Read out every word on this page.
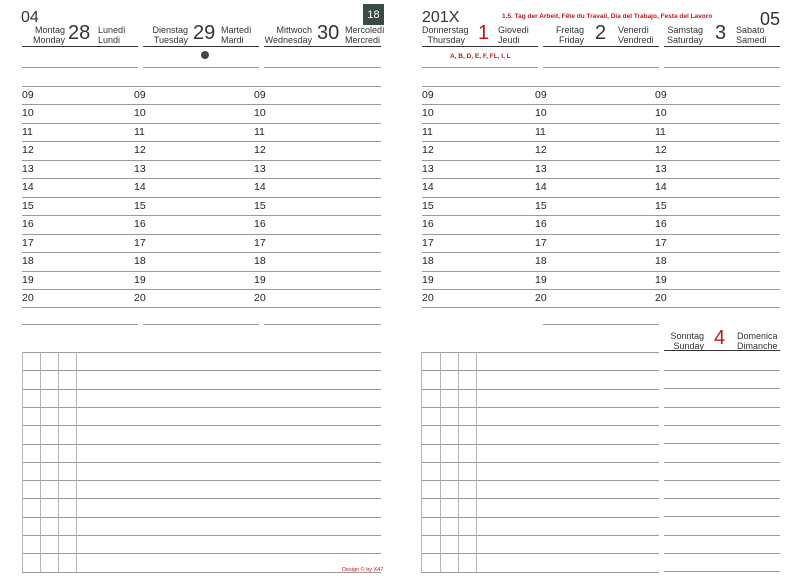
04	18
Montag
Monday 28 Lunedì
Lundi
Dienstag
Tuesday 29 Martedì
Mardi
Mittwoch
Wednesday 30 Mercoledì
Mercredi
09	09	09
10	10	10
11	11	11
12	12	12
13	13	13
14	14	14
15	15	15
16	16	16
17	17	17
18	18	18
19	19	19
20	20	20
Design © by X47
201X	05
1.5. Tag der Arbeit, Fête du Travail, Dia del Trabajo, Festa del Lavoro
Donnerstag
Thursday 1 Giovedì
Jeudi
Freitag
Friday 2 Venerdì
Vendredi
Samstag
Saturday 3 Sabato
Samedi
A, B, D, E, F, FL, I, L
09	09	09
10	10	10
11	11	11
12	12	12
13	13	13
14	14	14
15	15	15
16	16	16
17	17	17
18	18	18
19	19	19
20	20	20
Sonntag
Sunday 4 Domenica
Dimanche
